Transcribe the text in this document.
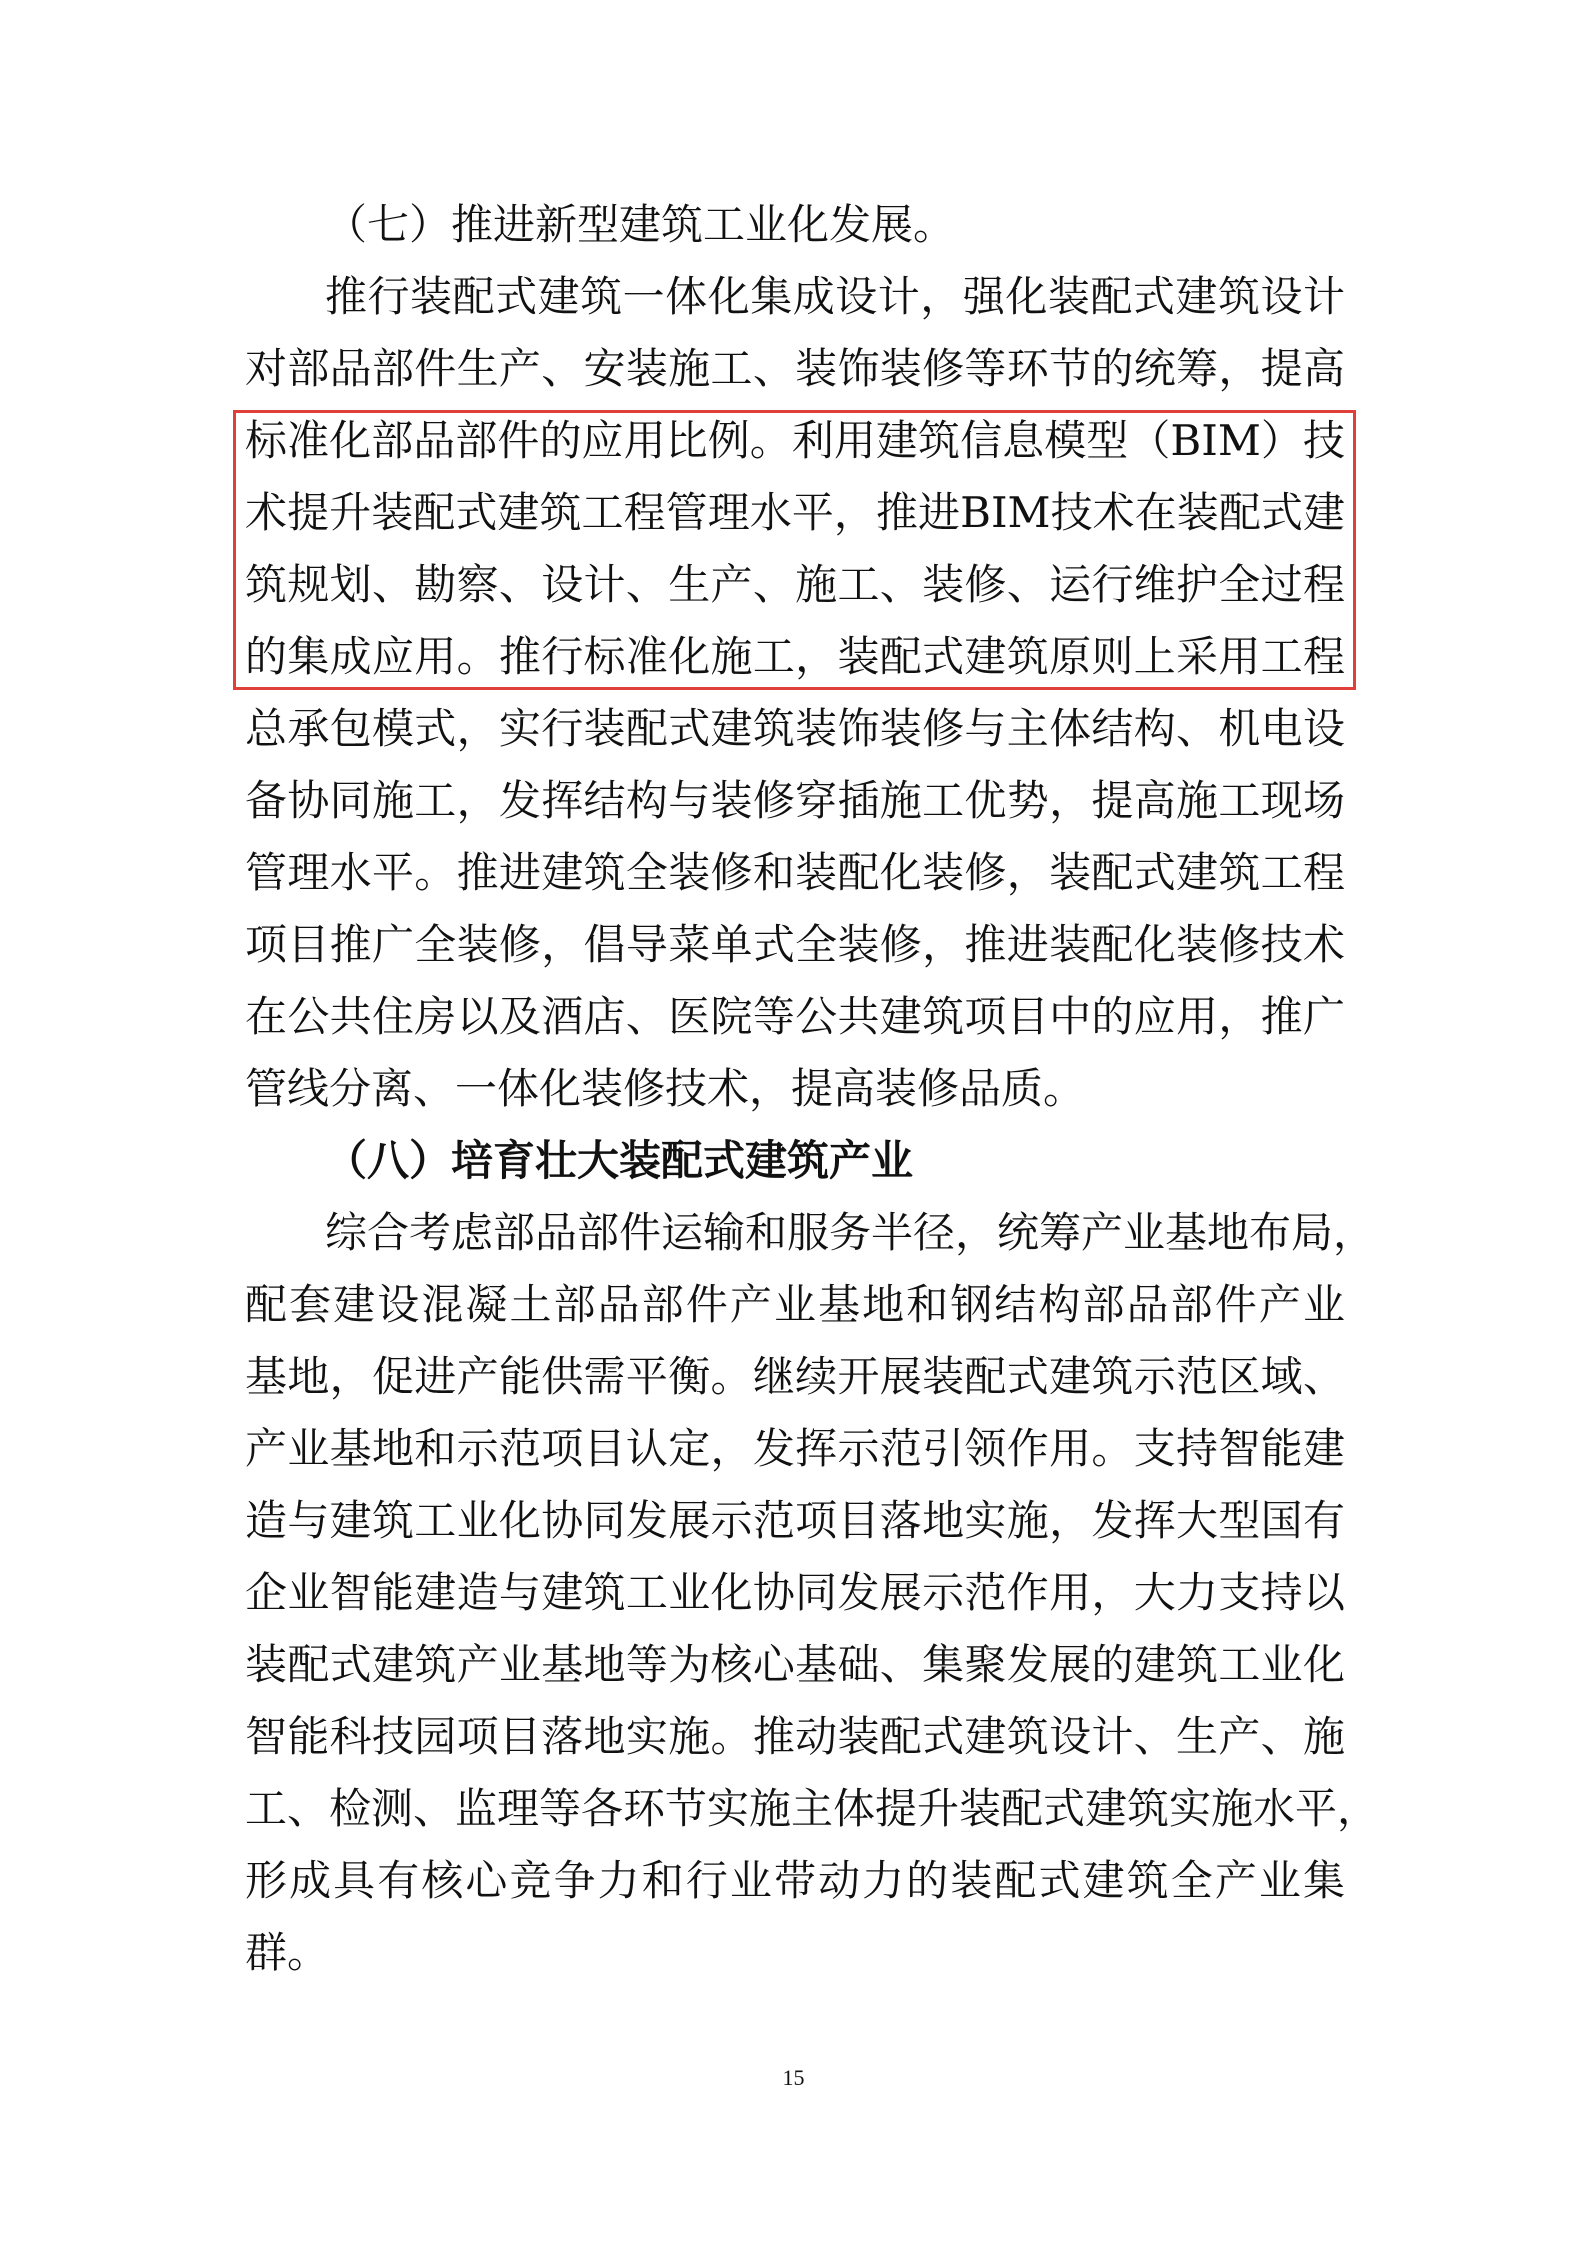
（七）推进新型建筑工业化发展。
推行装配式建筑一体化集成设计，强化装配式建筑设计
对部品部件生产、安装施工、装饰装修等环节的统筹，提高
标准化部品部件的应用比例。利用建筑信息模型（BIM）技
术提升装配式建筑工程管理水平，推进BIM技术在装配式建
筑规划、勘察、设计、生产、施工、装修、运行维护全过程
的集成应用。推行标准化施工，装配式建筑原则上采用工程
总承包模式，实行装配式建筑装饰装修与主体结构、机电设
备协同施工，发挥结构与装修穿插施工优势，提高施工现场
管理水平。推进建筑全装修和装配化装修，装配式建筑工程
项目推广全装修，倡导菜单式全装修，推进装配化装修技术
在公共住房以及酒店、医院等公共建筑项目中的应用，推广
管线分离、一体化装修技术，提高装修品质。
（八）培育壮大装配式建筑产业
综合考虑部品部件运输和服务半径，统筹产业基地布局，
配套建设混凝土部品部件产业基地和钢结构部品部件产业
基地，促进产能供需平衡。继续开展装配式建筑示范区域、
产业基地和示范项目认定，发挥示范引领作用。支持智能建
造与建筑工业化协同发展示范项目落地实施，发挥大型国有
企业智能建造与建筑工业化协同发展示范作用，大力支持以
装配式建筑产业基地等为核心基础、集聚发展的建筑工业化
智能科技园项目落地实施。推动装配式建筑设计、生产、施
工、检测、监理等各环节实施主体提升装配式建筑实施水平，
形成具有核心竞争力和行业带动力的装配式建筑全产业集
群。
15
